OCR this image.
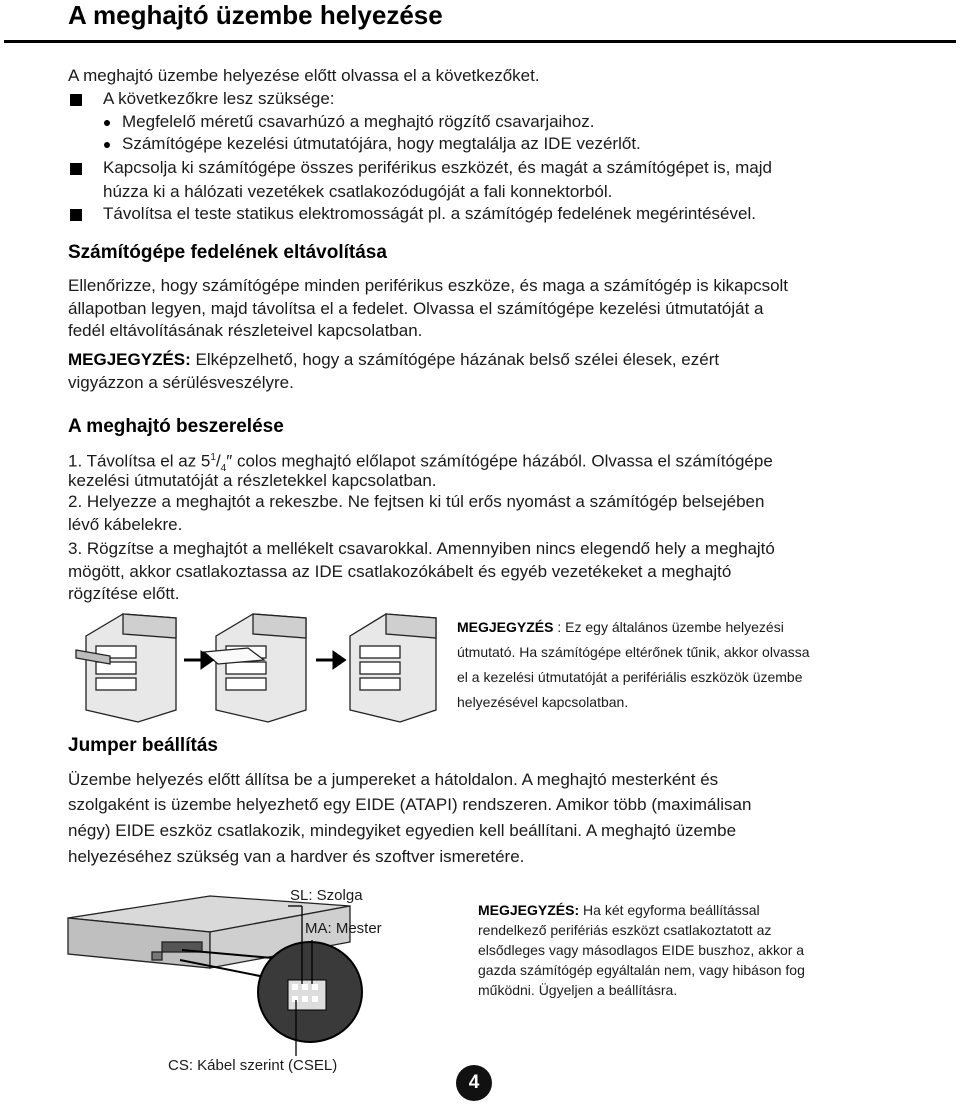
A meghajtó üzembe helyezése
A meghajtó üzembe helyezése előtt olvassa el a következőket.
A következőkre lesz szüksége:
Megfelelő méretű csavarhúzó a meghajtó rögzítő csavarjaihoz.
Számítógépe kezelési útmutatójára, hogy megtalálja az IDE vezérlőt.
Kapcsolja ki számítógépe összes periférikus eszközét, és magát a számítógépet is, majd
húzza ki a hálózati vezetékek csatlakozódugóját a fali konnektorból.
Távolítsa el teste statikus elektromosságát pl. a számítógép fedelének megérintésével.
Számítógépe fedelének eltávolítása
Ellenőrizze, hogy számítógépe minden periférikus eszköze, és maga a számítógép is kikapcsolt
állapotban legyen, majd távolítsa el a fedelet. Olvassa el számítógépe kezelési útmutatóját a
fedél eltávolításának részleteivel kapcsolatban.
MEGJEGYZÉS: Elképzelhető, hogy a számítógépe házának belső szélei élesek, ezért
vigyázzon a sérülésveszélyre.
A meghajtó beszerelése
1. Távolítsa el az $5^1/_4''$ colos meghajtó előlapot számítógépe házából. Olvassa el számítógépe
kezelési útmutatóját a részletekkel kapcsolatban.
2. Helyezze a meghajtót a rekeszbe. Ne fejtsen ki túl erős nyomást a számítógép belsejében
lévő kábelekre.
3. Rögzítse a meghajtót a mellékelt csavarokkal. Amennyiben nincs elegendő hely a meghajtó
mögött, akkor csatlakoztassa az IDE csatlakozókábelt és egyéb vezetékeket a meghajtó
rögzítése előtt.
MEGJEGYZÉS : Ez egy általános üzembe helyezési
útmutató. Ha számítógépe eltérőnek tűnik, akkor olvassa
el a kezelési útmutatóját a perifériális eszközök üzembe
helyezésével kapcsolatban.
Jumper beállítás
Üzembe helyezés előtt állítsa be a jumpereket a hátoldalon. A meghajtó mesterként és
szolgaként is üzembe helyezhető egy EIDE (ATAPI) rendszeren. Amikor több (maximálisan
négy) EIDE eszköz csatlakozik, mindegyiket egyedien kell beállítani. A meghajtó üzembe
helyezéséhez szükség van a hardver és szoftver ismeretére.
SL: Szolga
MA: Mester
CS: Kábel szerint (CSEL)
MEGJEGYZÉS: Ha két egyforma beállítással
rendelkező perifériás eszközt csatlakoztatott az
elsődleges vagy másodlagos EIDE buszhoz, akkor a
gazda számítógép egyáltalán nem, vagy hibáson fog
működni. Ügyeljen a beállításra.
4
